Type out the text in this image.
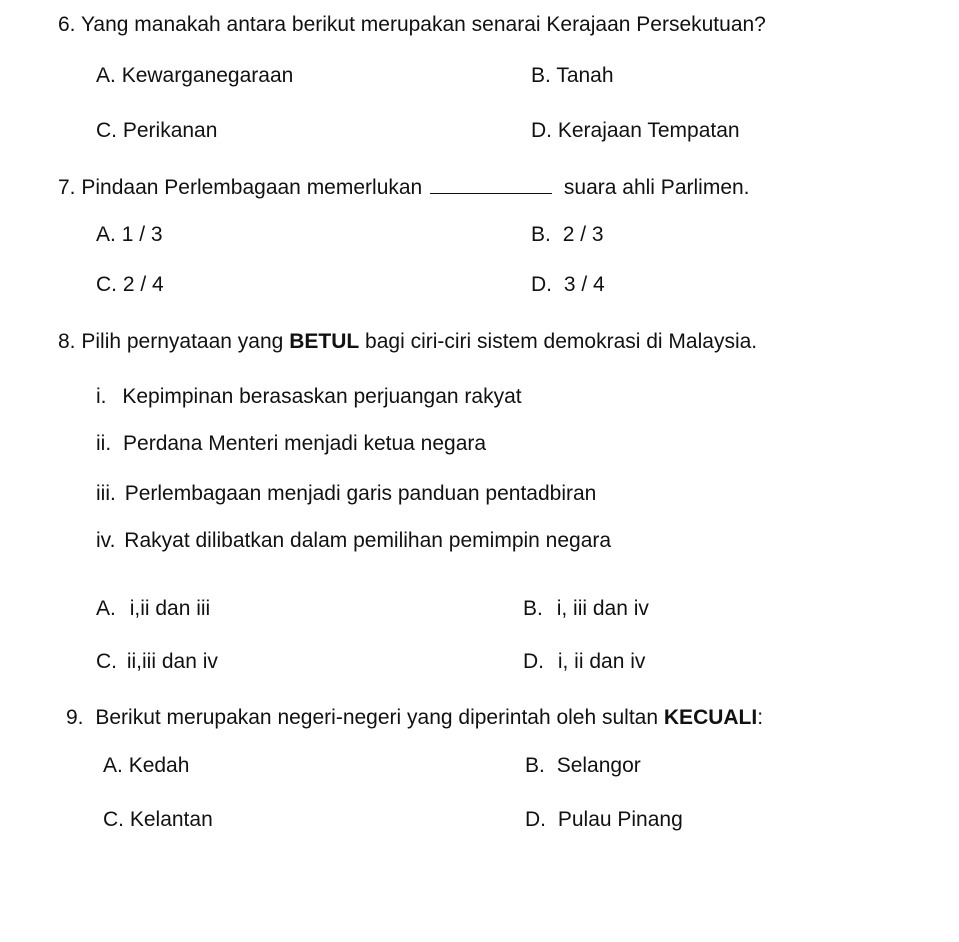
6. Yang manakah antara berikut merupakan senarai Kerajaan Persekutuan?
A. Kewarganegaraan	B. Tanah
C. Perikanan	D. Kerajaan Tempatan
7. Pindaan Perlembagaan memerlukan	suara ahli Parlimen.
A. 1 / 3	B. 2 / 3
C. 2 / 4	D. 3 / 4
8. Pilih pernyataan yang BETUL bagi ciri-ciri sistem demokrasi di Malaysia.
i. Kepimpinan berasaskan perjuangan rakyat
ii. Perdana Menteri menjadi ketua negara
iii. Perlembagaan menjadi garis panduan pentadbiran
iv. Rakyat dilibatkan dalam pemilihan pemimpin negara
A. i,ii dan iii	B. i, iii dan iv
C. ii,iii dan iv	D. i, ii dan iv
9. Berikut merupakan negeri-negeri yang diperintah oleh sultan KECUALI:
A. Kedah	B. Selangor
C. Kelantan	D. Pulau Pinang
